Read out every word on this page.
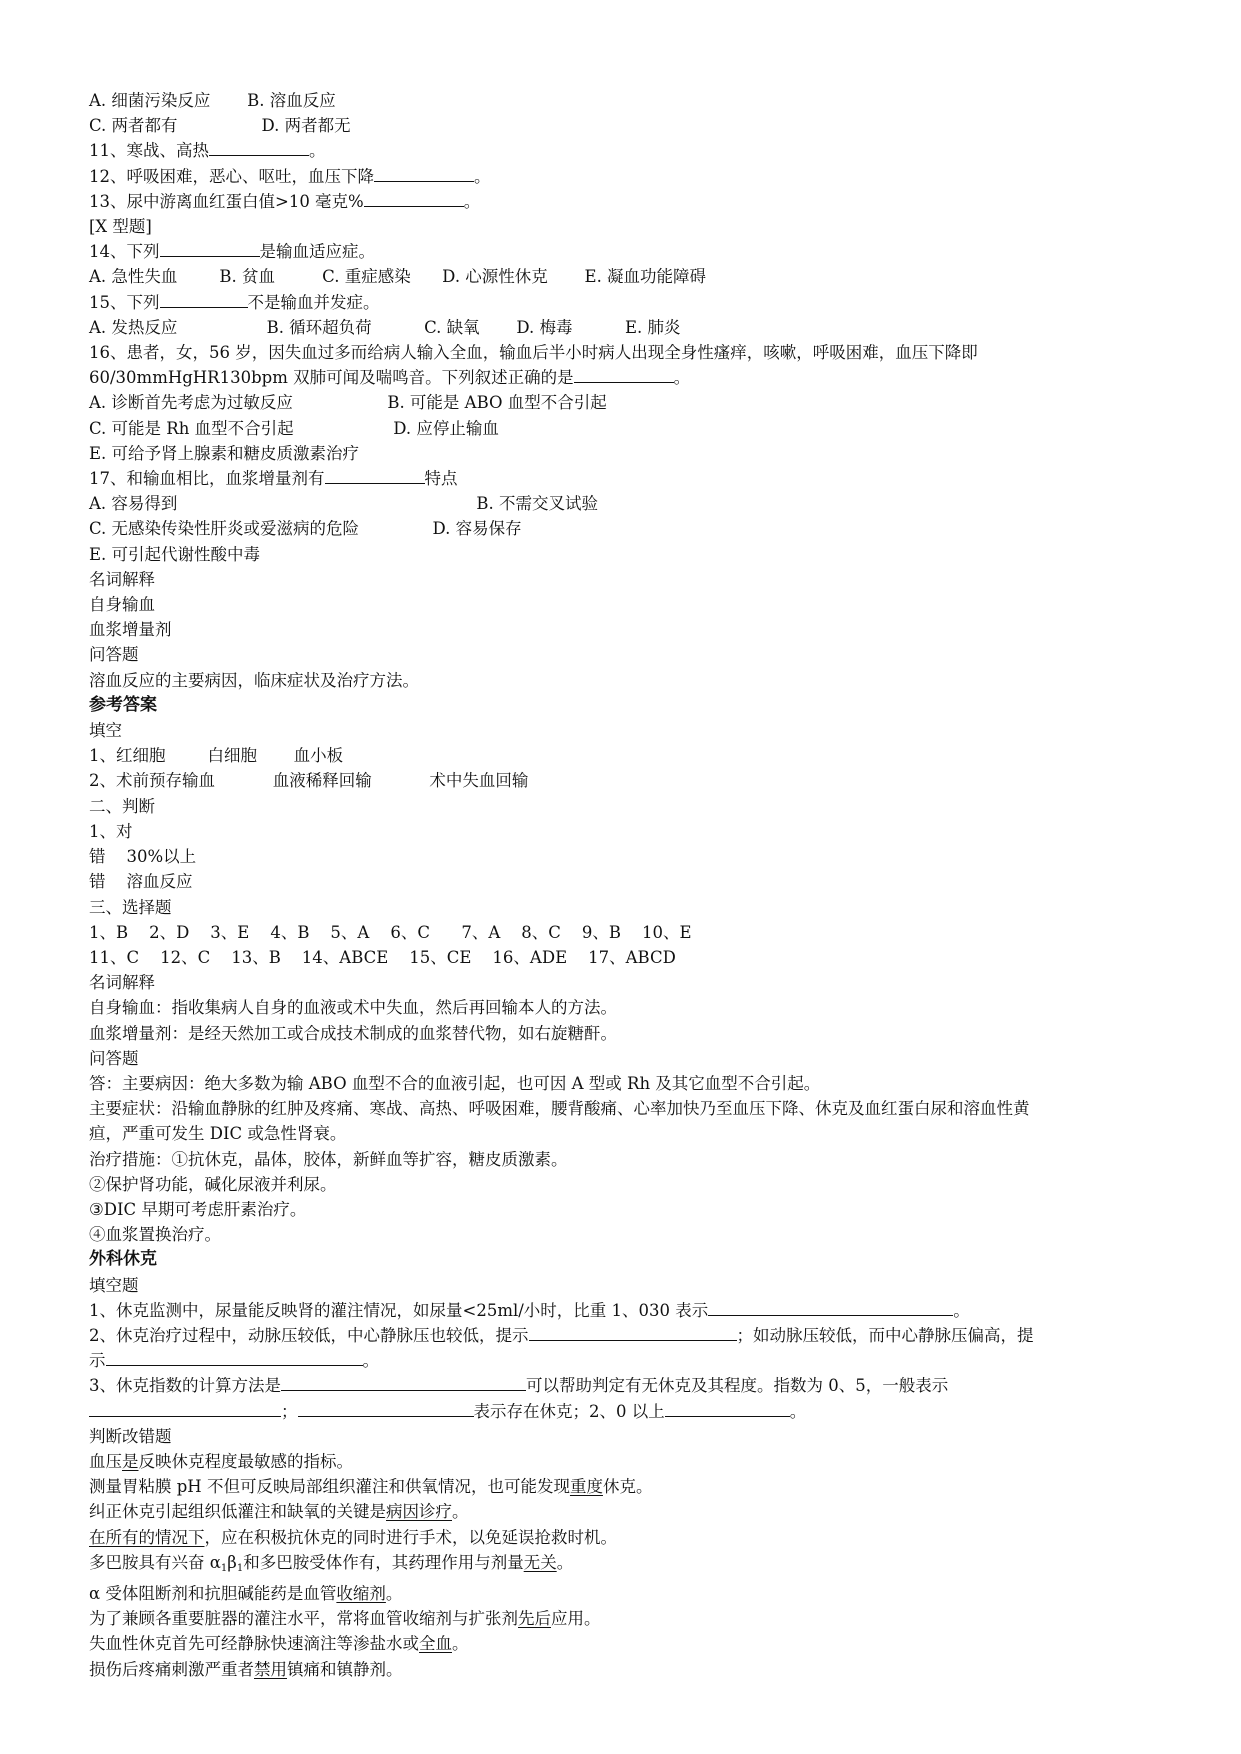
A. 细菌污染反应       B. 溶血反应
C. 两者都有                D. 两者都无
11、寒战、高热	。
12、呼吸困难，恶心、呕吐，血压下降	。
13、尿中游离血红蛋白值>10 毫克%	。
[X 型题]
14、下列	是输血适应症。
A. 急性失血        B. 贫血         C. 重症感染      D. 心源性休克       E. 凝血功能障碍
15、下列	不是输血并发症。
A. 发热反应                 B. 循环超负荷          C. 缺氧       D. 梅毒          E. 肺炎
16、患者，女，56 岁，因失血过多而给病人输入全血，输血后半小时病人出现全身性瘙痒，咳嗽，呼吸困难，血压下降即
60/30mmHgHR130bpm 双肺可闻及喘鸣音。下列叙述正确的是	。
A. 诊断首先考虑为过敏反应                  B. 可能是 ABO 血型不合引起
C. 可能是 Rh 血型不合引起                   D. 应停止输血
E. 可给予肾上腺素和糖皮质激素治疗
17、和输血相比，血浆增量剂有	特点
A. 容易得到                                                         B. 不需交叉试验
C. 无感染传染性肝炎或爱滋病的危险              D. 容易保存
E. 可引起代谢性酸中毒
名词解释
自身输血
血浆增量剂
问答题
溶血反应的主要病因，临床症状及治疗方法。
参考答案
填空
1、红细胞        白细胞       血小板
2、术前预存输血           血液稀释回输           术中失血回输
二、判断
1、对
错    30%以上
错    溶血反应
三、选择题
1、B    2、D    3、E    4、B    5、A    6、C      7、A    8、C    9、B    10、E
11、C    12、C    13、B    14、ABCE    15、CE    16、ADE    17、ABCD
名词解释
自身输血：指收集病人自身的血液或术中失血，然后再回输本人的方法。
血浆增量剂：是经天然加工或合成技术制成的血浆替代物，如右旋糖酐。
问答题
答：主要病因：绝大多数为输 ABO 血型不合的血液引起，也可因 A 型或 Rh 及其它血型不合引起。
主要症状：沿输血静脉的红肿及疼痛、寒战、高热、呼吸困难，腰背酸痛、心率加快乃至血压下降、休克及血红蛋白尿和溶血性黄
疸，严重可发生 DIC 或急性肾衰。
治疗措施：①抗休克，晶体，胶体，新鲜血等扩容，糖皮质激素。
②保护肾功能，碱化尿液并利尿。
③DIC 早期可考虑肝素治疗。
④血浆置换治疗。
外科休克
填空题
1、休克监测中，尿量能反映肾的灌注情况，如尿量<25ml/小时，比重 1、030 表示	。
2、休克治疗过程中，动脉压较低，中心静脉压也较低，提示	；如动脉压较低，而中心静脉压偏高，提
示	。
3、休克指数的计算方法是	可以帮助判定有无休克及其程度。指数为 0、5，一般表示
；	表示存在休克；2、0 以上	。
判断改错题
血压是反映休克程度最敏感的指标。
测量胃粘膜 pH 不但可反映局部组织灌注和供氧情况，也可能发现重度休克。
纠正休克引起组织低灌注和缺氧的关键是病因诊疗。
在所有的情况下，应在积极抗休克的同时进行手术，以免延误抢救时机。
多巴胺具有兴奋 $\alpha_1\beta_1$和多巴胺受体作有，其药理作用与剂量无关。
α 受体阻断剂和抗胆碱能药是血管收缩剂。
为了兼顾各重要脏器的灌注水平，常将血管收缩剂与扩张剂先后应用。
失血性休克首先可经静脉快速滴注等渗盐水或全血。
损伤后疼痛刺激严重者禁用镇痛和镇静剂。
